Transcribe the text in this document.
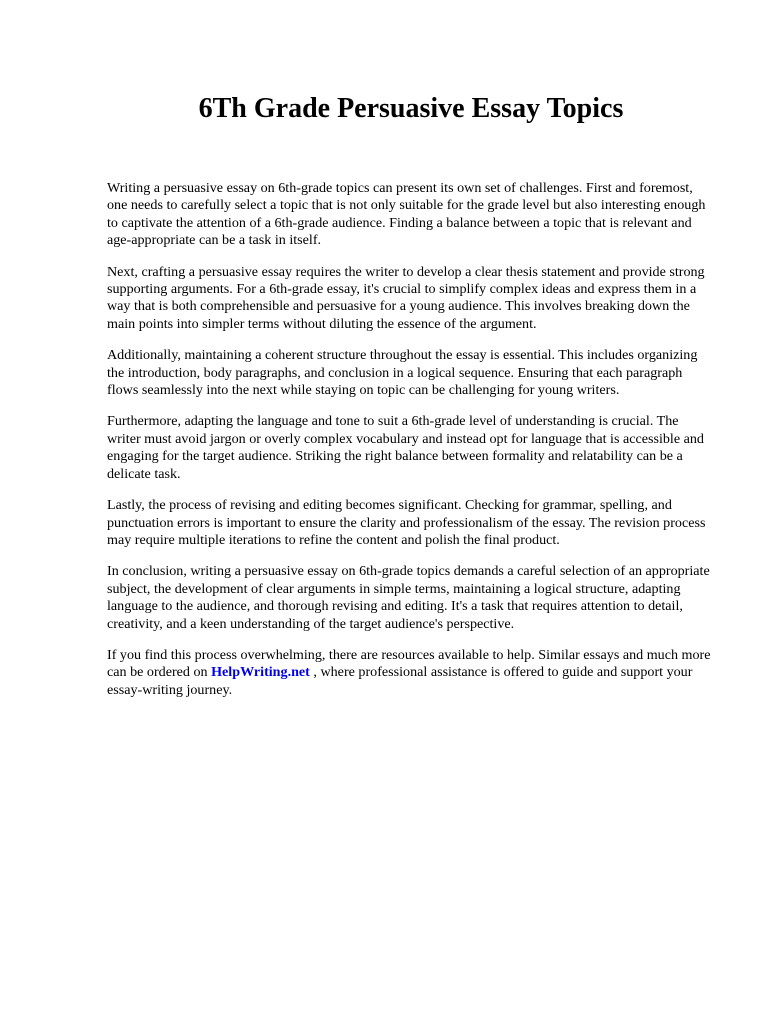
6Th Grade Persuasive Essay Topics

Writing a persuasive essay on 6th-grade topics can present its own set of challenges. First and foremost, one needs to carefully select a topic that is not only suitable for the grade level but also interesting enough to captivate the attention of a 6th-grade audience. Finding a balance between a topic that is relevant and age-appropriate can be a task in itself.

Next, crafting a persuasive essay requires the writer to develop a clear thesis statement and provide strong supporting arguments. For a 6th-grade essay, it's crucial to simplify complex ideas and express them in a way that is both comprehensible and persuasive for a young audience. This involves breaking down the main points into simpler terms without diluting the essence of the argument.

Additionally, maintaining a coherent structure throughout the essay is essential. This includes organizing the introduction, body paragraphs, and conclusion in a logical sequence. Ensuring that each paragraph flows seamlessly into the next while staying on topic can be challenging for young writers.

Furthermore, adapting the language and tone to suit a 6th-grade level of understanding is crucial. The writer must avoid jargon or overly complex vocabulary and instead opt for language that is accessible and engaging for the target audience. Striking the right balance between formality and relatability can be a delicate task.

Lastly, the process of revising and editing becomes significant. Checking for grammar, spelling, and punctuation errors is important to ensure the clarity and professionalism of the essay. The revision process may require multiple iterations to refine the content and polish the final product.

In conclusion, writing a persuasive essay on 6th-grade topics demands a careful selection of an appropriate subject, the development of clear arguments in simple terms, maintaining a logical structure, adapting language to the audience, and thorough revising and editing. It's a task that requires attention to detail, creativity, and a keen understanding of the target audience's perspective.

If you find this process overwhelming, there are resources available to help. Similar essays and much more can be ordered on HelpWriting.net , where professional assistance is offered to guide and support your essay-writing journey.
